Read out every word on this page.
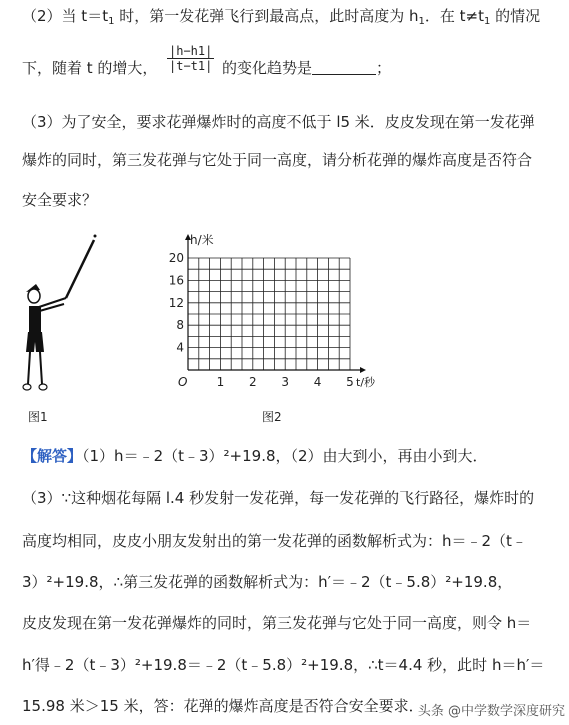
（2）当 $t=t_1$ 时，第一发花弹飞行到最高点，此时高度为 $h_1$．在 $t\ne t_1$ 的情况
下，随着 t 的增大， $\frac{|h-h1|}{|t-t1|}$ 的变化趋势是	；
（3）为了安全，要求花弹爆炸时的高度不低于 l5 米．皮皮发现在第一发花弹
爆炸的同时，第三发花弹与它处于同一高度，请分析花弹的爆炸高度是否符合
安全要求？
图1
4
8
12
16
20
1 2 3 4 5
O
h/米
t/秒
图2
【解答】（1）h＝﹣2（t﹣3）²+19.8，（2）由大到小，再由小到大．
（3）∵这种烟花每隔 l.4 秒发射一发花弹，每一发花弹的飞行路径，爆炸时的
高度均相同，皮皮小朋友发射出的第一发花弹的函数解析式为：h＝﹣2（t﹣
3）²+19.8，∴第三发花弹的函数解析式为：h′＝﹣2（t﹣5.8）²+19.8，
皮皮发现在第一发花弹爆炸的同时，第三发花弹与它处于同一高度，则令 h＝
h′得﹣2（t﹣3）²+19.8＝﹣2（t﹣5.8）²+19.8，∴t＝4.4 秒，此时 h＝h′＝
15.98 米＞15 米，答：花弹的爆炸高度是否符合安全要求．
头条 @中学数学深度研究
